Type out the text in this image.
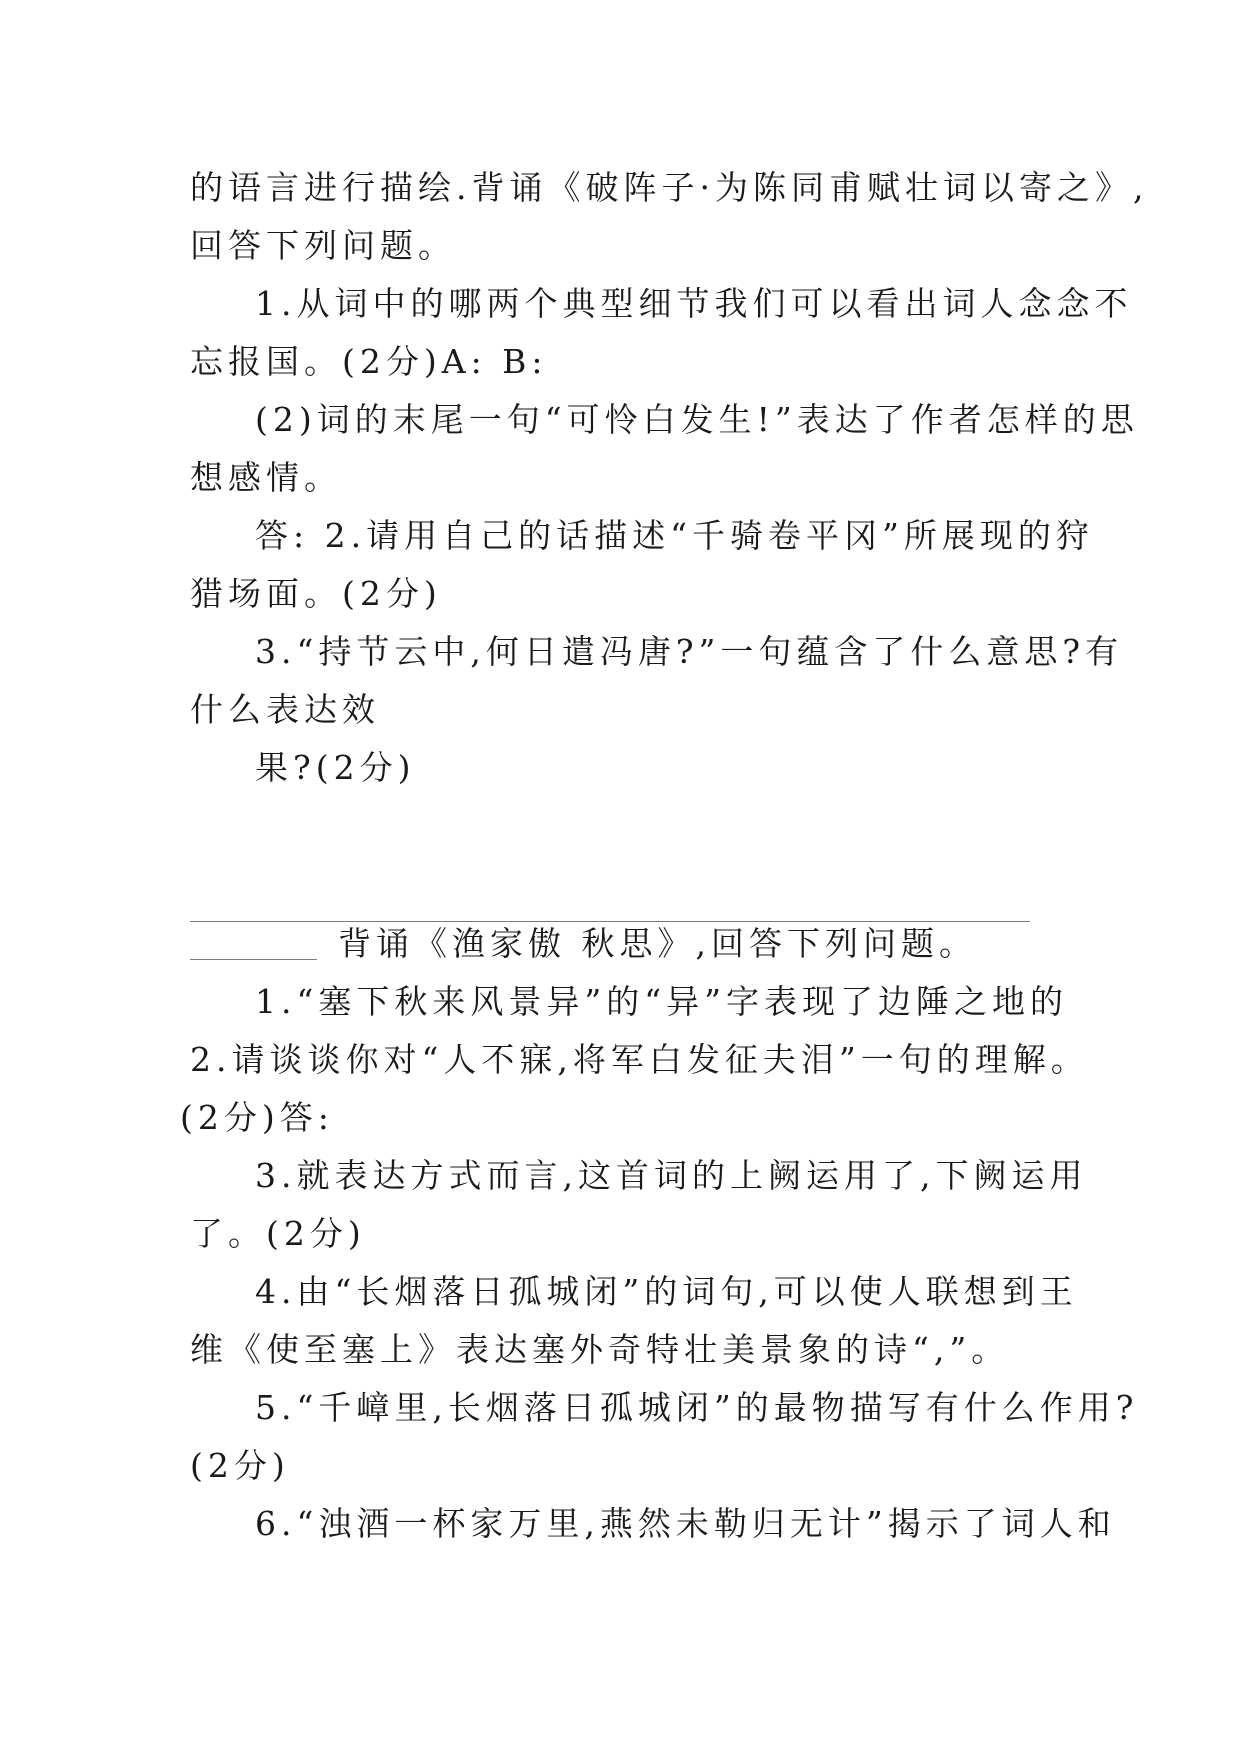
的语言进行描绘.背诵《破阵子·为陈同甫赋壮词以寄之》,
回答下列问题。
1.从词中的哪两个典型细节我们可以看出词人念念不
忘报国。(2分)A: B:
(2)词的末尾一句“可怜白发生!”表达了作者怎样的思
想感情。
答: 2.请用自己的话描述“千骑卷平冈”所展现的狩
猎场面。(2分)
3.“持节云中,何日遣冯唐?”一句蕴含了什么意思?有
什么表达效
果?(2分)
背诵《渔家傲 秋思》,回答下列问题。
1.“塞下秋来风景异”的“异”字表现了边陲之地的
2.请谈谈你对“人不寐,将军白发征夫泪”一句的理解。
(2分)答:
3.就表达方式而言,这首词的上阙运用了,下阙运用
了。(2分)
4.由“长烟落日孤城闭”的词句,可以使人联想到王
维《使至塞上》表达塞外奇特壮美景象的诗“,”。
5.“千嶂里,长烟落日孤城闭”的最物描写有什么作用?
(2分)
6.“浊酒一杯家万里,燕然未勒归无计”揭示了词人和
